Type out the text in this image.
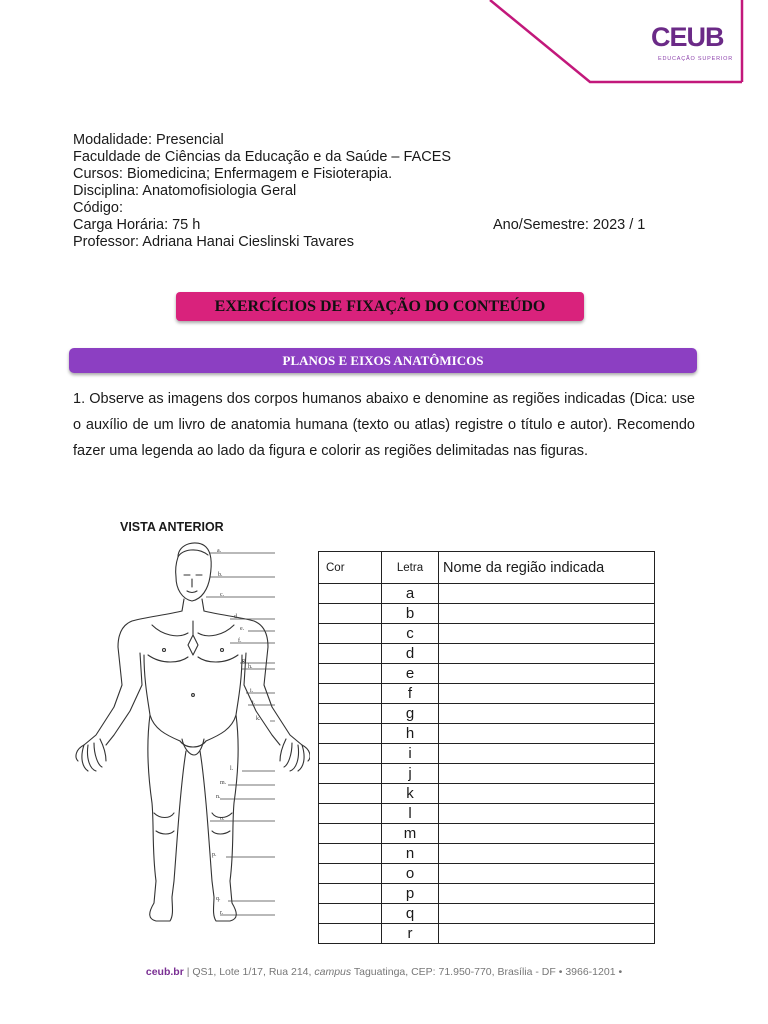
CEUB
EDUCAÇÃO SUPERIOR
Modalidade: Presencial
Faculdade de Ciências da Educação e da Saúde – FACES
Cursos: Biomedicina; Enfermagem e Fisioterapia.
Disciplina: Anatomofisiologia Geral
Código:
Carga Horária: 75 h	Ano/Semestre: 2023 / 1
Professor: Adriana Hanai Cieslinski Tavares
EXERCÍCIOS DE FIXAÇÃO DO CONTEÚDO
PLANOS E EIXOS ANATÔMICOS
1. Observe as imagens dos corpos humanos abaixo e denomine as regiões indicadas (Dica: use o auxílio de um livro de anatomia humana (texto ou atlas) registre o título e autor). Recomendo fazer uma legenda ao lado da figura e colorir as regiões delimitadas nas figuras.
VISTA ANTERIOR
a.
b.
c.
d.
e.
f.
g.
h.
i.
j.
k.
l.
m.
n.
o.
p.
q.
r.
Cor	Letra	Nome da região indicada
	a	
	b	
	c	
	d	
	e	
	f	
	g	
	h	
	i	
	j	
	k	
	l	
	m	
	n	
	o	
	p	
	q	
	r	
ceub.br | QS1, Lote 1/17, Rua 214, campus Taguatinga, CEP: 71.950-770, Brasília - DF • 3966-1201 •
